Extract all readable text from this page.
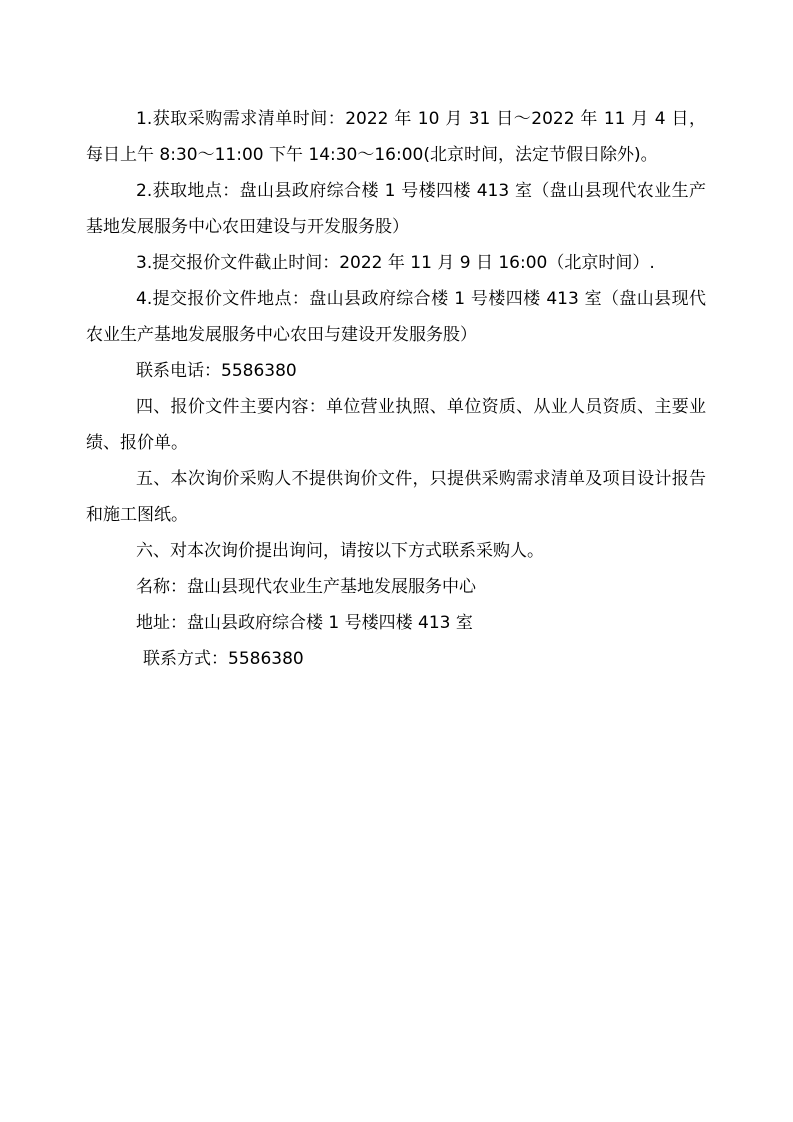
1.获取采购需求清单时间：2022 年 10 月 31 日～2022 年 11 月 4 日，每日上午 8:30～11:00 下午 14:30～16:00(北京时间，法定节假日除外)。

2.获取地点：盘山县政府综合楼 1 号楼四楼 413 室（盘山县现代农业生产基地发展服务中心农田建设与开发服务股）

3.提交报价文件截止时间：2022 年 11 月 9 日 16:00（北京时间）.

4.提交报价文件地点：盘山县政府综合楼 1 号楼四楼 413 室（盘山县现代农业生产基地发展服务中心农田与建设开发服务股）

联系电话：5586380

四、报价文件主要内容：单位营业执照、单位资质、从业人员资质、主要业绩、报价单。

五、本次询价采购人不提供询价文件，只提供采购需求清单及项目设计报告和施工图纸。

六、对本次询价提出询问，请按以下方式联系采购人。

名称：盘山县现代农业生产基地发展服务中心

地址：盘山县政府综合楼 1 号楼四楼 413 室

联系方式：5586380
